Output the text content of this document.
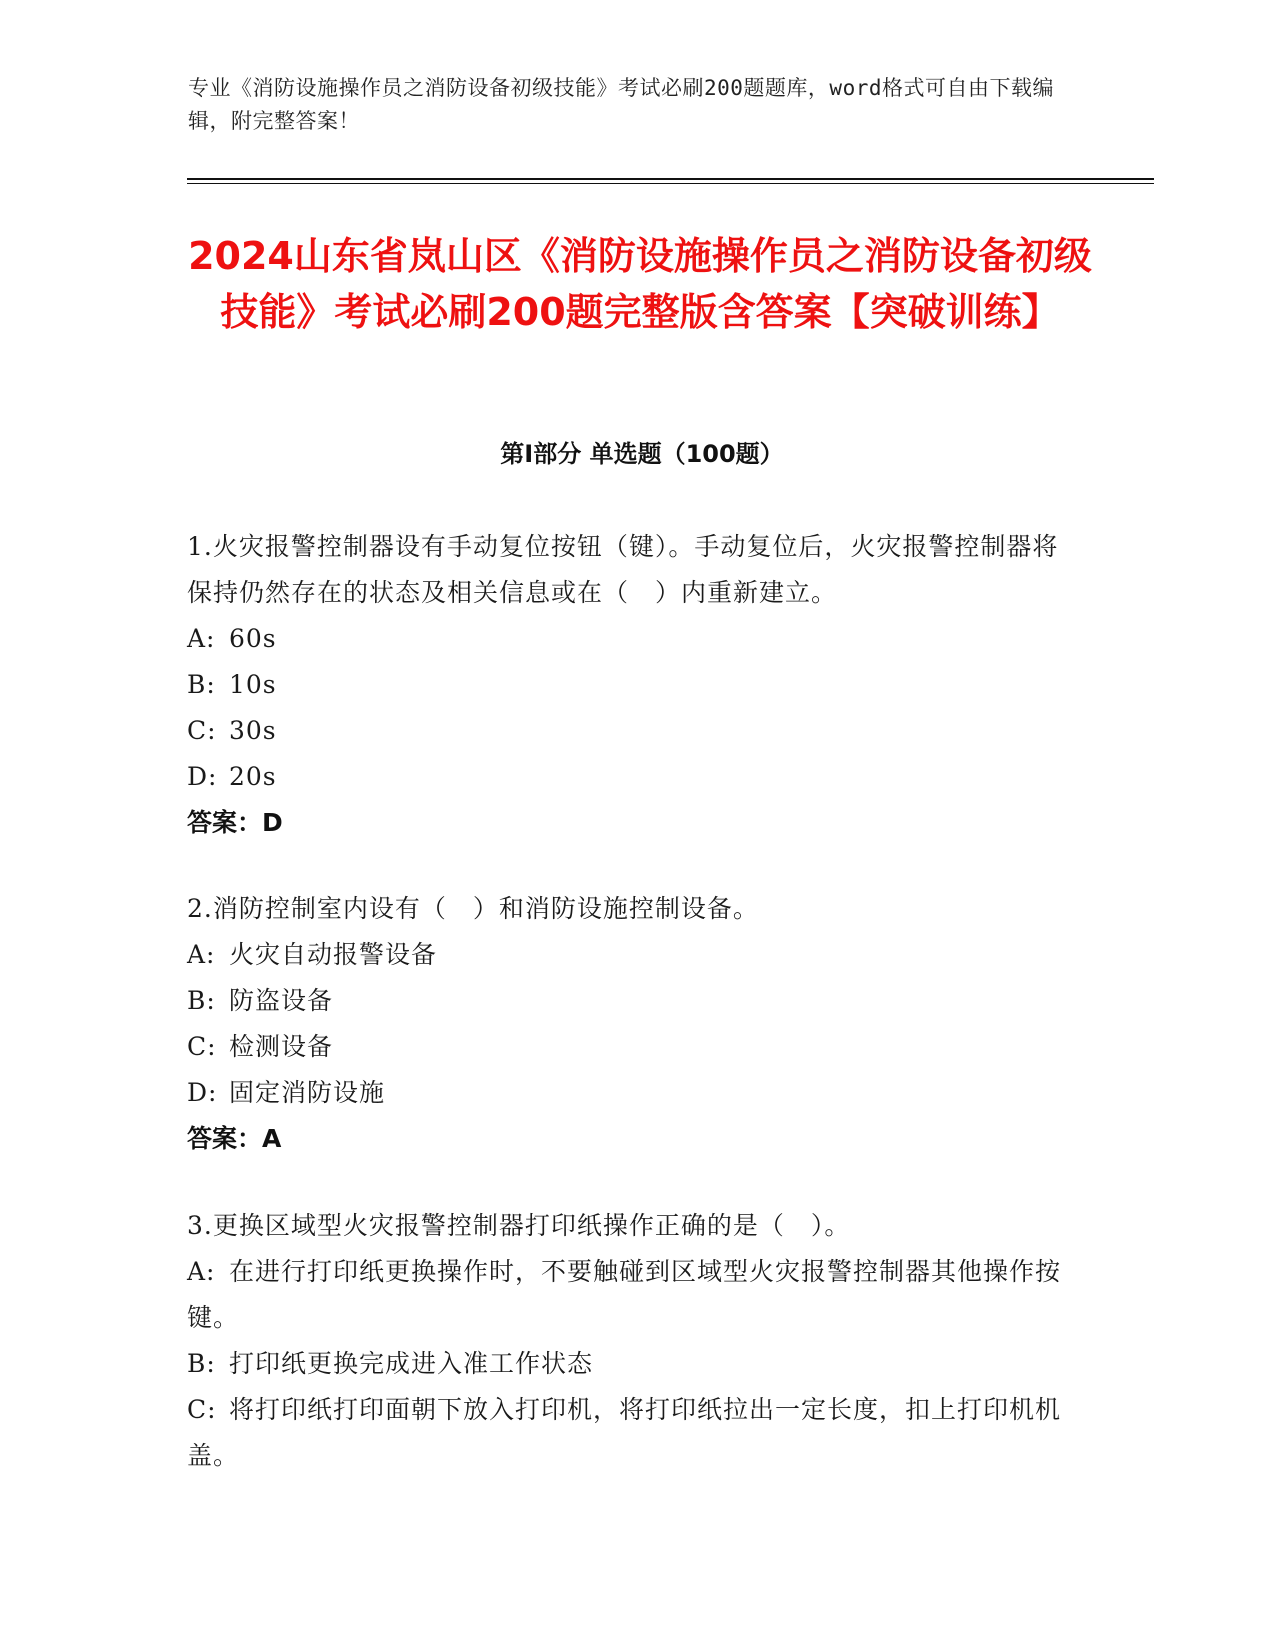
专业《消防设施操作员之消防设备初级技能》考试必刷200题题库，word格式可自由下载编辑，附完整答案！
2024山东省岚山区《消防设施操作员之消防设备初级技能》考试必刷200题完整版含答案【突破训练】
第Ⅰ部分 单选题（100题）

1.火灾报警控制器设有手动复位按钮（键）。手动复位后，火灾报警控制器将保持仍然存在的状态及相关信息或在（　）内重新建立。

A: 60s

B: 10s

C: 30s

D: 20s

答案：D

2.消防控制室内设有（　）和消防设施控制设备。

A: 火灾自动报警设备

B: 防盗设备

C: 检测设备

D: 固定消防设施

答案：A

3.更换区域型火灾报警控制器打印纸操作正确的是（　）。

A: 在进行打印纸更换操作时，不要触碰到区域型火灾报警控制器其他操作按键。

B: 打印纸更换完成进入准工作状态

C: 将打印纸打印面朝下放入打印机，将打印纸拉出一定长度，扣上打印机机盖。
